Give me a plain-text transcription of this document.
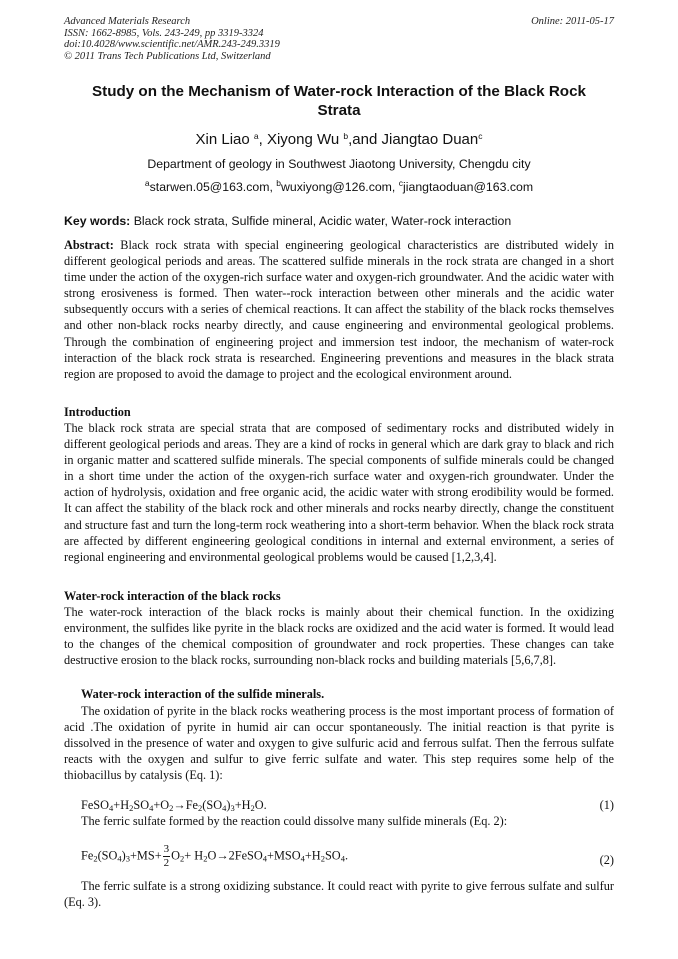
Advanced Materials Research
ISSN: 1662-8985, Vols. 243-249, pp 3319-3324
doi:10.4028/www.scientific.net/AMR.243-249.3319
© 2011 Trans Tech Publications Ltd, Switzerland
Online: 2011-05-17
Study on the Mechanism of Water-rock Interaction of the Black Rock
Strata
Xin Liao $^a$, Xiyong Wu $^b$,and Jiangtao Duan$^c$
Department of geology in Southwest Jiaotong University, Chengdu city
$^a$starwen.05@163.com, $^b$wuxiyong@126.com, $^c$jiangtaoduan@163.com
Key words: Black rock strata, Sulfide mineral, Acidic water, Water-rock interaction
Abstract: Black rock strata with special engineering geological characteristics are distributed widely in different geological periods and areas. The scattered sulfide minerals in the rock strata are changed in a short time under the action of the oxygen-rich surface water and oxygen-rich groundwater. And the acidic water with strong erosiveness is formed. Then water--rock interaction between other minerals and the acidic water subsequently occurs with a series of chemical reactions. It can affect the stability of the black rocks themselves and other non-black rocks nearby directly, and cause engineering and environmental geological problems. Through the combination of engineering project and immersion test indoor, the mechanism of water-rock interaction of the black rock strata is researched. Engineering preventions and measures in the black strata region are proposed to avoid the damage to project and the ecological environment around.
Introduction
The black rock strata are special strata that are composed of sedimentary rocks and distributed widely in different geological periods and areas. They are a kind of rocks in general which are dark gray to black and rich in organic matter and scattered sulfide minerals. The special components of sulfide minerals could be changed in a short time under the action of the oxygen-rich surface water and oxygen-rich groundwater. Under the action of hydrolysis, oxidation and free organic acid, the acidic water with strong erodibility would be formed. It can affect the stability of the black rock and other minerals and rocks nearby directly, change the constituent and structure fast and turn the long-term rock weathering into a short-term behavior. When the black rock strata are affected by different engineering geological conditions in internal and external environment, a series of regional engineering and environmental geological problems would be caused [1,2,3,4].
Water-rock interaction of the black rocks
The water-rock interaction of the black rocks is mainly about their chemical function. In the oxidizing environment, the sulfides like pyrite in the black rocks are oxidized and the acid water is formed. It would lead to the changes of the chemical composition of groundwater and rock properties. These changes can take destructive erosion to the black rocks, surrounding non-black rocks and building materials [5,6,7,8].
Water-rock interaction of the sulfide minerals.
The oxidation of pyrite in the black rocks weathering process is the most important process of formation of acid .The oxidation of pyrite in humid air can occur spontaneously. The initial reaction is that pyrite is dissolved in the presence of water and oxygen to give sulfuric acid and ferrous sulfat. Then the ferrous sulfate reacts with the oxygen and sulfur to give ferric sulfate and water. This step requires some help of the thiobacillus by catalysis (Eq. 1):
$FeSO_4+H_2SO_4+O_2\to Fe_2(SO_4)_3+H_2O$.	(1)
The ferric sulfate formed by the reaction could dissolve many sulfide minerals (Eq. 2):
$Fe_2(SO_4)_3+MS+ \frac{3}{2} O_2+$ $H_2O\to 2FeSO_4+MSO_4+H_2SO_4$.	(2)
The ferric sulfate is a strong oxidizing substance. It could react with pyrite to give ferrous sulfate and sulfur (Eq. 3).
